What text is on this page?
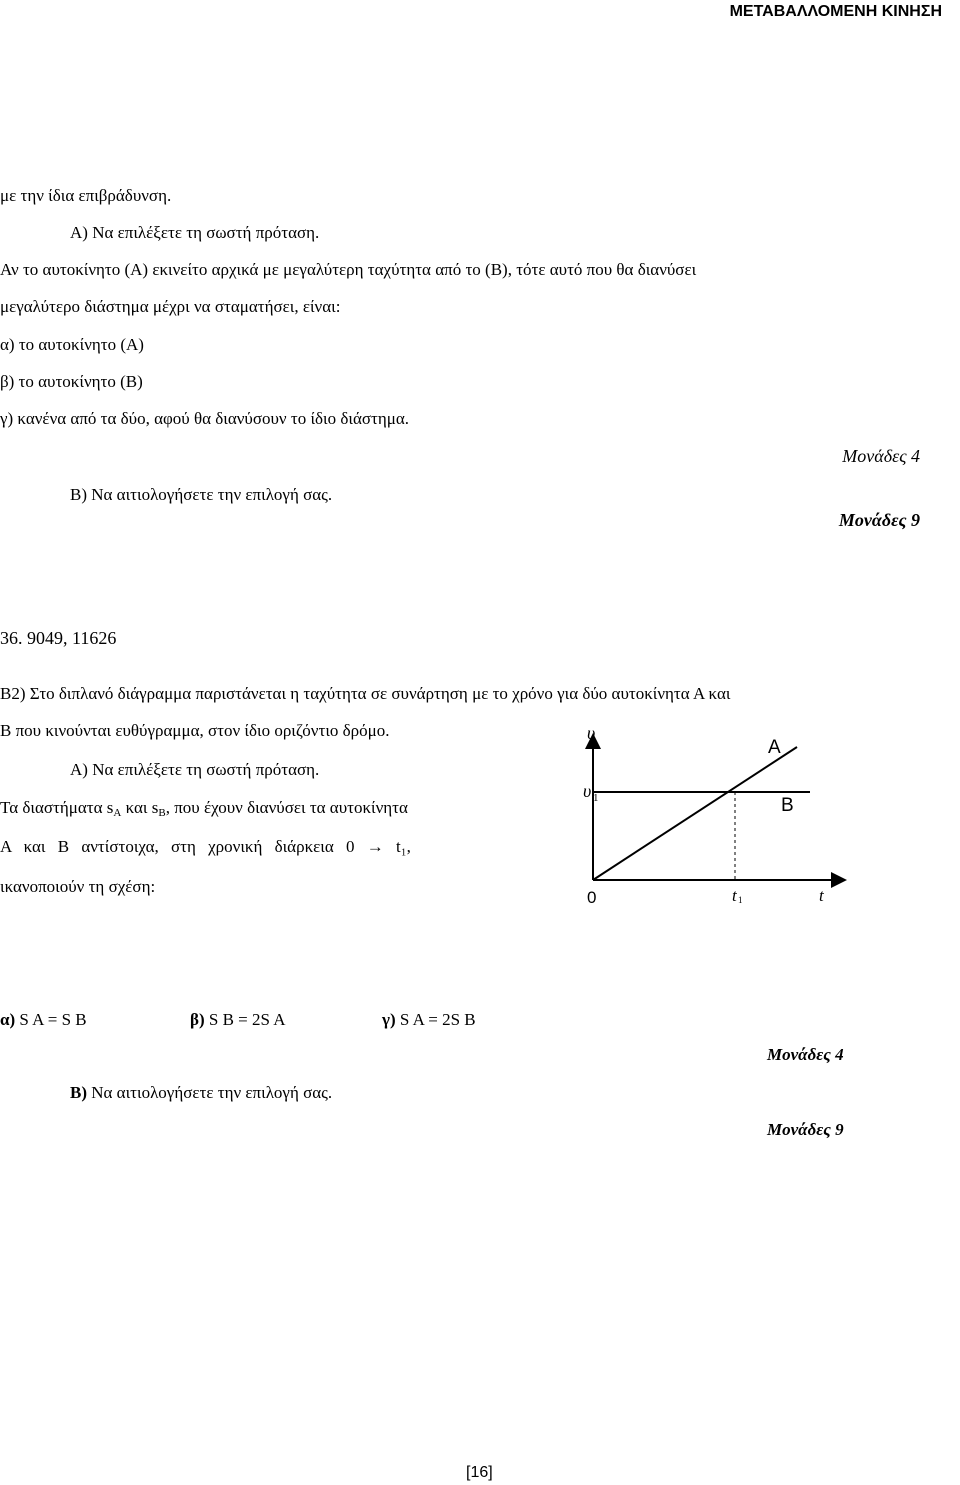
ΜΕΤΑΒΑΛΛΟΜΕΝΗ ΚΙΝΗΣΗ
με την ίδια επιβράδυνση.
Α) Να επιλέξετε τη σωστή πρόταση.
Αν το αυτοκίνητο (Α) εκινείτο αρχικά με μεγαλύτερη ταχύτητα από το (Β), τότε αυτό που θα διανύσει
μεγαλύτερο διάστημα μέχρι να σταματήσει, είναι:
α) το αυτοκίνητο (Α)
β) το αυτοκίνητο (Β)
γ) κανένα από τα δύο, αφού θα διανύσουν το ίδιο διάστημα.
Μονάδες 4
Β) Να αιτιολογήσετε την επιλογή σας.
Μονάδες 9
36. 9049, 11626
Β2) Στο διπλανό διάγραμμα παριστάνεται η ταχύτητα σε συνάρτηση με το χρόνο για δύο αυτοκίνητα Α και
Β που κινούνται ευθύγραμμα, στον ίδιο οριζόντιο δρόμο.
Α) Να επιλέξετε τη σωστή πρόταση.
Τα διαστήματα $s_A$ και $s_B$, που έχουν διανύσει τα αυτοκίνητα
Α και Β αντίστοιχα, στη χρονική διάρκεια 0 → t₁,
ικανοποιούν τη σχέση:
υ
υ 1
0	t 1	t
A
B
α) S A = S B	β) S B = 2S A	γ) S A = 2S B
Μονάδες 4
Β) Να αιτιολογήσετε την επιλογή σας.
Μονάδες 9
[16]
